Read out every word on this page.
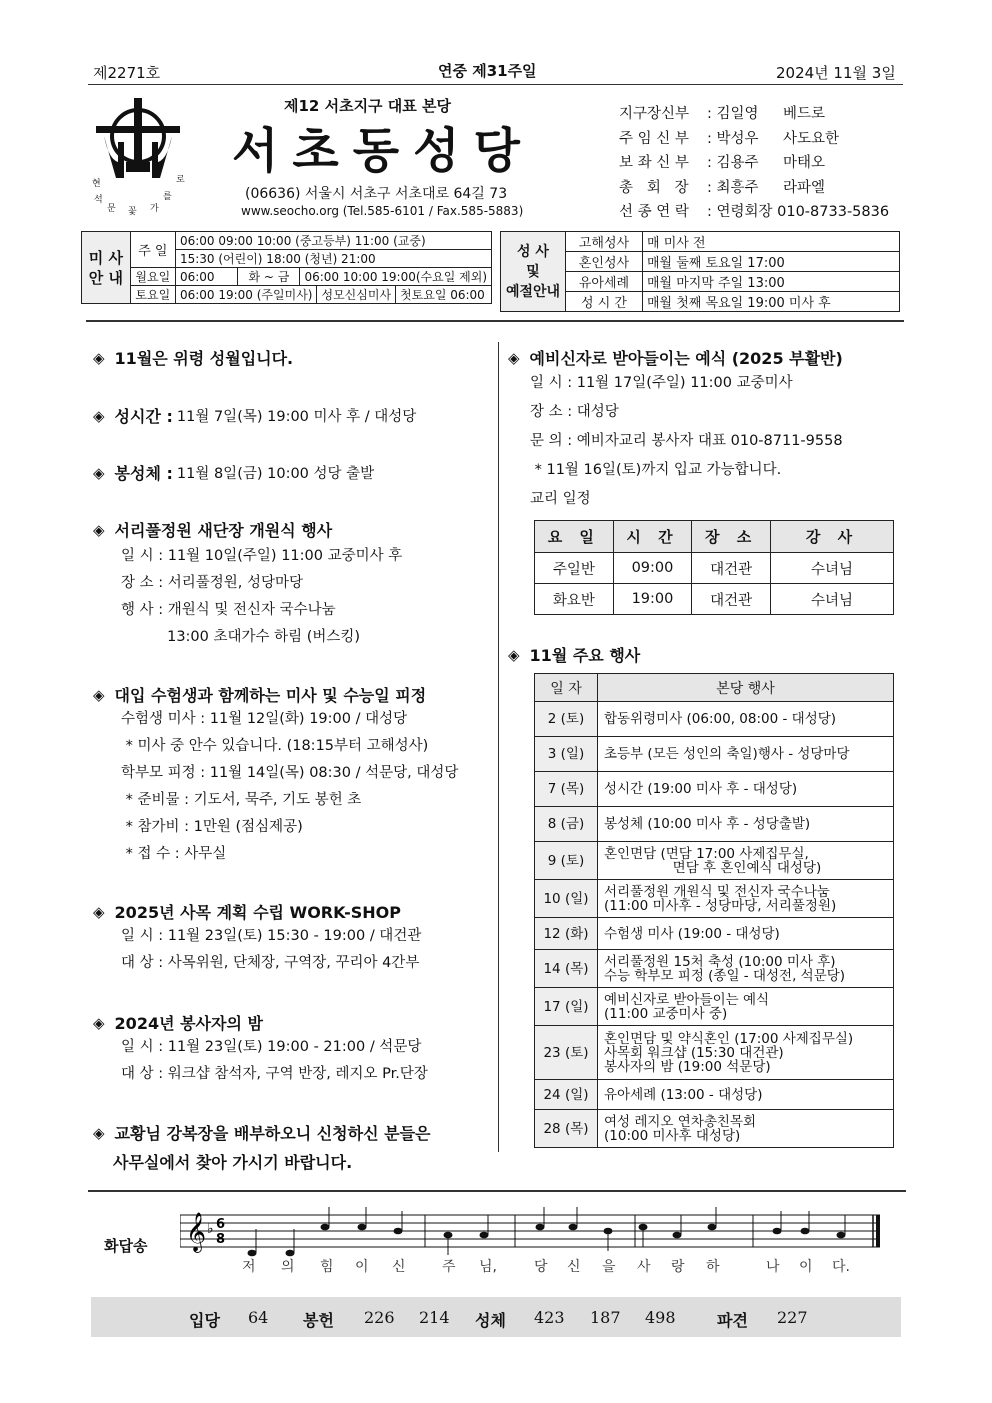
제2271호	연중 제31주일	2024년 11월 3일
현	로
석	를
문 꽃 가
제12 서초지구 대표 본당
서초동성당
(06636) 서울시 서초구 서초대로 64길 73
www.seocho.org (Tel.585-6101 / Fax.585-5883)
지구장신부	: 김일영	베드로
주 임 신 부	: 박성우	사도요한
보 좌 신 부	: 김용주	마태오
총   회   장	: 최흥주	라파엘
선 종 연 락	: 연령회장 010-8733-5836
미 사
안 내	주 일	06:00 09:00 10:00 (중고등부) 11:00 (교중)		
		15:30 (어린이) 18:00 (청년) 21:00		
	월요일	06:00	화 ~ 금	06:00 10:00 19:00(수요일 제외)
	토요일	06:00 19:00 (주일미사) 성모신심미사 첫토요일 06:00		
성 사
및
예절안내	고해성사	매 미사 전
	혼인성사	매월 둘째 토요일 17:00
	유아세례	매월 마지막 주일 13:00
	성 시 간	매월 첫째 목요일 19:00 미사 후
◈ 11월은 위령 성월입니다.
◈ 성시간 : 11월 7일(목) 19:00 미사 후 / 대성당
◈ 봉성체 : 11월 8일(금) 10:00 성당 출발
◈ 서리풀정원 새단장 개원식 행사
일 시 : 11월 10일(주일) 11:00 교중미사 후
장 소 : 서리풀정원, 성당마당
행 사 : 개원식 및 전신자 국수나눔
13:00 초대가수 하림 (버스킹)
◈ 대입 수험생과 함께하는 미사 및 수능일 피정
수험생 미사 : 11월 12일(화) 19:00 / 대성당
* 미사 중 안수 있습니다. (18:15부터 고해성사)
학부모 피정 : 11월 14일(목) 08:30 / 석문당, 대성당
* 준비물 : 기도서, 묵주, 기도 봉헌 초
* 참가비 : 1만원 (점심제공)
* 접 수 : 사무실
◈ 2025년 사목 계획 수립 WORK-SHOP
일 시 : 11월 23일(토) 15:30 - 19:00 / 대건관
대 상 : 사목위원, 단체장, 구역장, 꾸리아 4간부
◈ 2024년 봉사자의 밤
일 시 : 11월 23일(토) 19:00 - 21:00 / 석문당
대 상 : 워크샵 참석자, 구역 반장, 레지오 Pr.단장
◈ 교황님 강복장을 배부하오니 신청하신 분들은
사무실에서 찾아 가시기 바랍니다.
◈ 예비신자로 받아들이는 예식 (2025 부활반)
일 시 : 11월 17일(주일) 11:00 교중미사
장 소 : 대성당
문 의 : 예비자교리 봉사자 대표 010-8711-9558
* 11월 16일(토)까지 입교 가능합니다.
교리 일정
요 일	시 간	장 소	강 사
주일반	09:00	대건관	수녀님
화요반	19:00	대건관	수녀님
◈ 11월 주요 행사
일 자	본당 행사
2 (토)	합동위령미사 (06:00, 08:00 - 대성당)
3 (일)	초등부 (모든 성인의 축일)행사 - 성당마당
7 (목)	성시간 (19:00 미사 후 - 대성당)
8 (금)	봉성체 (10:00 미사 후 - 성당출발)
9 (토)	혼인면담 (면담 17:00 사제집무실,
면담 후 혼인예식 대성당)
10 (일)	서리풀정원 개원식 및 전신자 국수나눔
(11:00 미사후 - 성당마당, 서리풀정원)
12 (화)	수험생 미사 (19:00 - 대성당)
14 (목)	서리풀정원 15처 축성 (10:00 미사 후)
수능 학부모 피정 (종일 - 대성전, 석문당)
17 (일)	예비신자로 받아들이는 예식
(11:00 교중미사 중)
23 (토)	혼인면담 및 약식혼인 (17:00 사제집무실)
사목회 워크샵 (15:30 대건관)
봉사자의 밤 (19:00 석문당)
24 (일)	유아세례 (13:00 - 대성당)
28 (목)	여성 레지오 연차총친목회
(10:00 미사후 대성당)
화답송 𝄞 ♭ 6
8
저	의	힘	이	신	주	님,	당	신	을	사	랑	하	나	이	다.
입당 64 봉헌 226 214 성체 423 187 498	파견 227
